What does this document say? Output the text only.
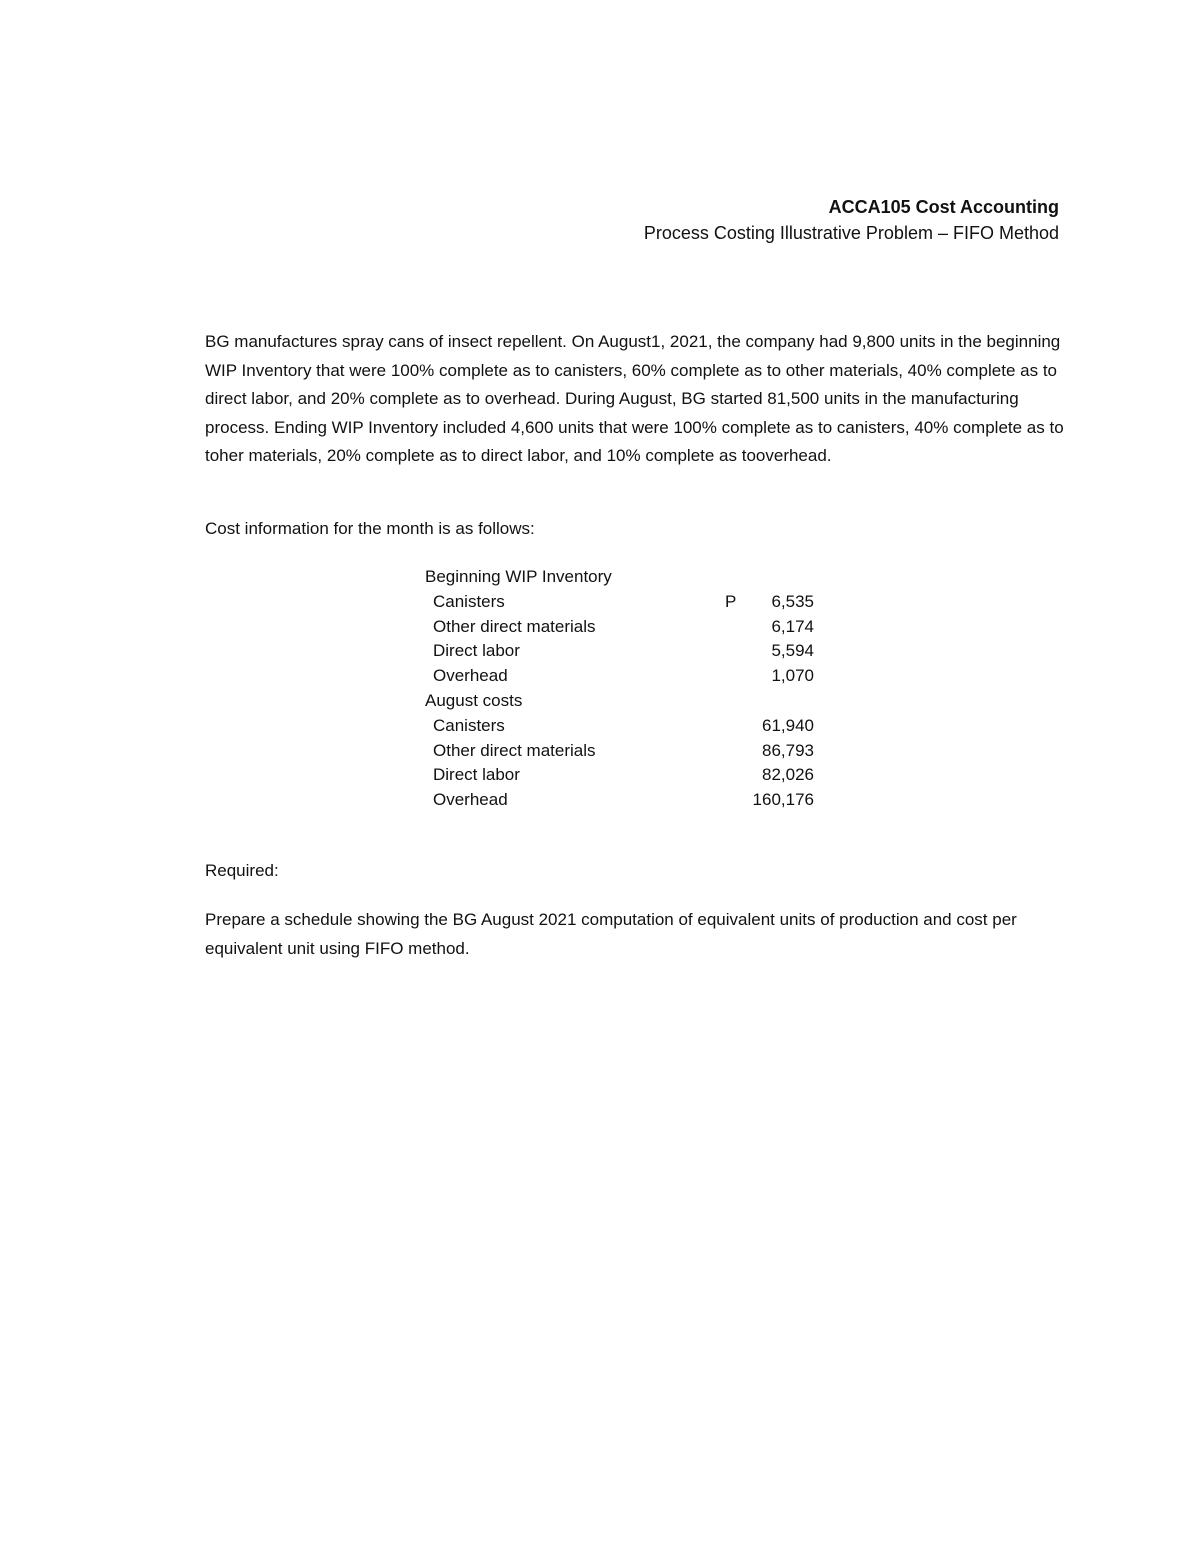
ACCA105 Cost Accounting
Process Costing Illustrative Problem – FIFO Method

BG manufactures spray cans of insect repellent. On August1, 2021, the company had 9,800 units in the beginning WIP Inventory that were 100% complete as to canisters, 60% complete as to other materials, 40% complete as to direct labor, and 20% complete as to overhead. During August, BG started 81,500 units in the manufacturing process. Ending WIP Inventory included 4,600 units that were 100% complete as to canisters, 40% complete as to toher materials, 20% complete as to direct labor, and 10% complete as tooverhead.

Cost information for the month is as follows:

Beginning WIP Inventory		
Canisters	P	6,535
Other direct materials		6,174
Direct labor		5,594
Overhead		1,070
August costs		
Canisters		61,940
Other direct materials		86,793
Direct labor		82,026
Overhead		160,176

Required:

Prepare a schedule showing the BG August 2021 computation of equivalent units of production and cost per equivalent unit using FIFO method.
